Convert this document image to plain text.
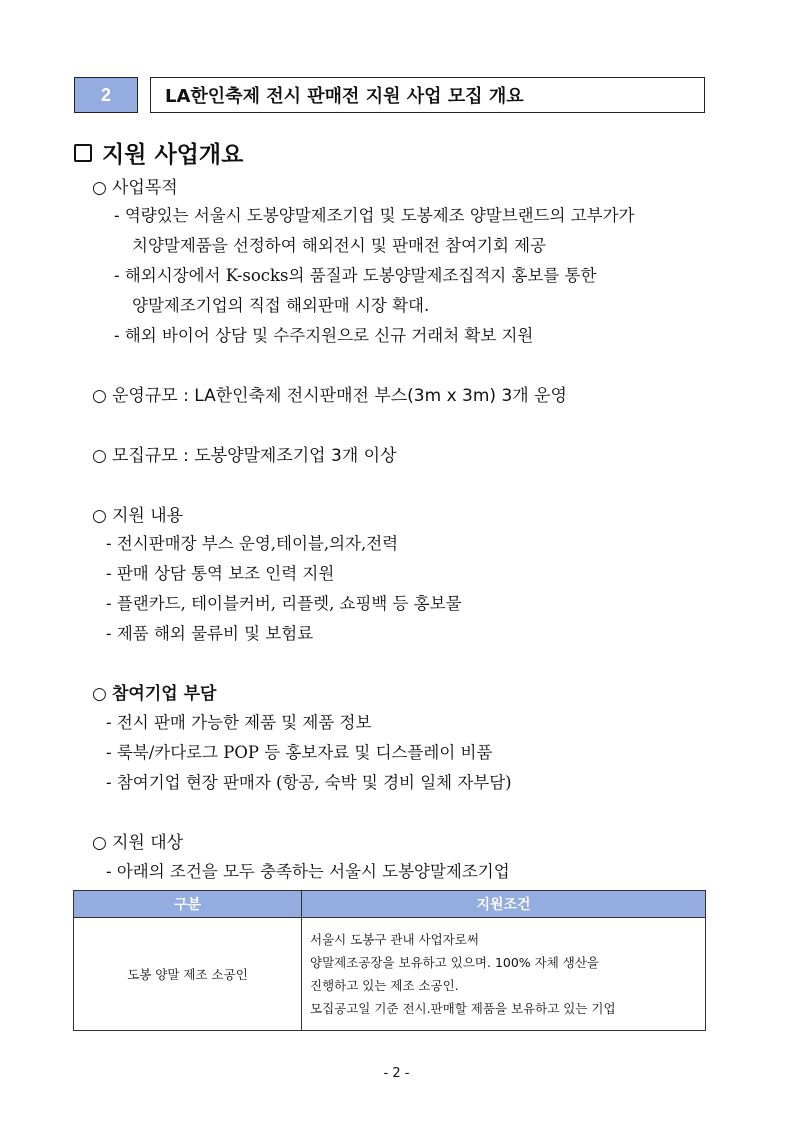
2	LA한인축제 전시 판매전 지원 사업 모집 개요
지원 사업개요
○ 사업목적
- 역량있는 서울시 도봉양말제조기업 및 도봉제조 양말브랜드의 고부가가
치양말제품을 선정하여 해외전시 및 판매전 참여기회 제공
- 해외시장에서 K-socks의 품질과 도봉양말제조집적지 홍보를 통한
양말제조기업의 직접 해외판매 시장 확대.
- 해외 바이어 상담 및 수주지원으로 신규 거래처 확보 지원
○ 운영규모 : LA한인축제 전시판매전 부스(3m x 3m) 3개 운영
○ 모집규모 : 도봉양말제조기업 3개 이상
○ 지원 내용
- 전시판매장 부스 운영,테이블,의자,전력
- 판매 상담 통역 보조 인력 지원
- 플랜카드, 테이블커버, 리플렛, 쇼핑백 등 홍보물
- 제품 해외 물류비 및 보험료
○ 참여기업 부담
- 전시 판매 가능한 제품 및 제품 정보
- 룩북/카다로그 POP 등 홍보자료 및 디스플레이 비품
- 참여기업 현장 판매자 (항공, 숙박 및 경비 일체 자부담)
○ 지원 대상
- 아래의 조건을 모두 충족하는 서울시 도봉양말제조기업
구분	지원조건
도봉 양말 제조 소공인	서울시 도봉구 관내 사업자로써
양말제조공장을 보유하고 있으며. 100% 자체 생산을
진행하고 있는 제조 소공인.
모집공고일 기준 전시.판매할 제품을 보유하고 있는 기업
- 2 -
